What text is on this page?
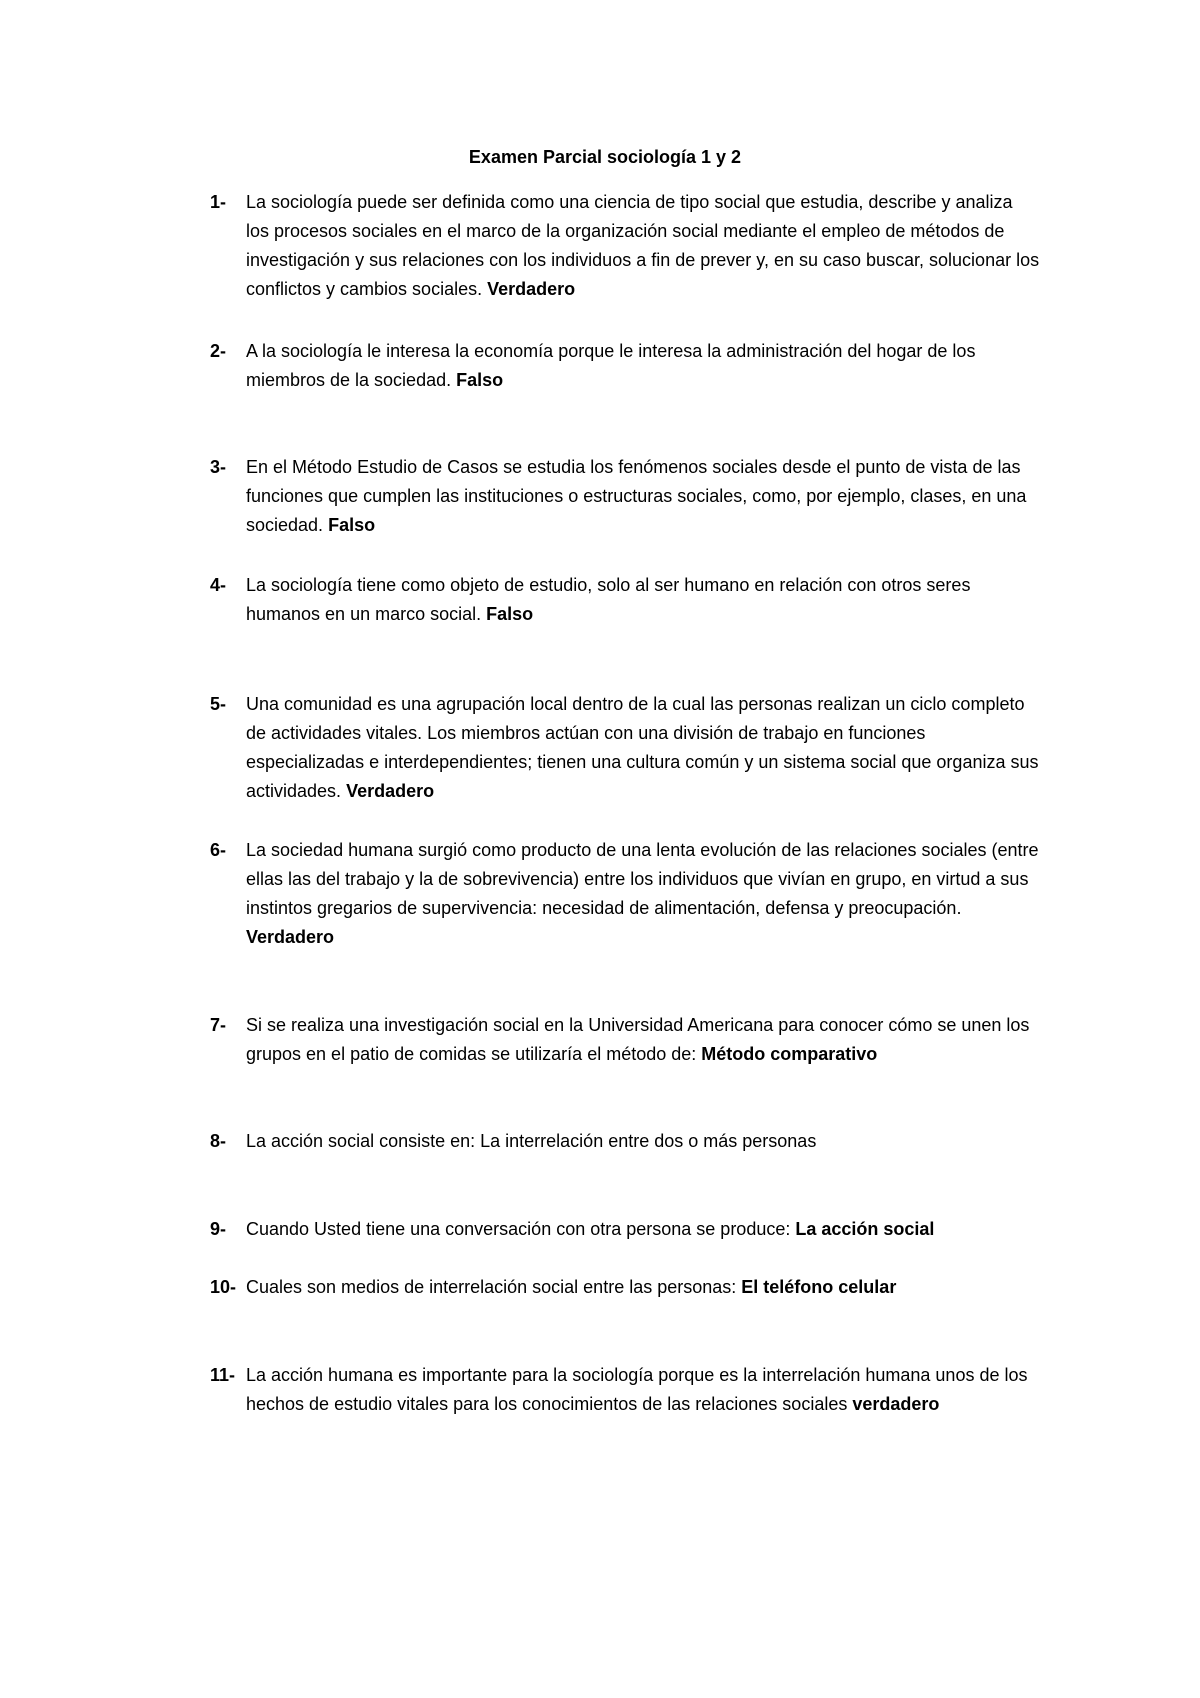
Examen Parcial sociología 1 y 2
1- La sociología puede ser definida como una ciencia de tipo social que estudia, describe y analiza los procesos sociales en el marco de la organización social mediante el empleo de métodos de investigación y sus relaciones con los individuos a fin de prever y, en su caso buscar, solucionar los conflictos y cambios sociales. Verdadero
2- A la sociología le interesa la economía porque le interesa la administración del hogar de los miembros de la sociedad. Falso
3- En el Método Estudio de Casos se estudia los fenómenos sociales desde el punto de vista de las funciones que cumplen las instituciones o estructuras sociales, como, por ejemplo, clases, en una sociedad. Falso
4- La sociología tiene como objeto de estudio, solo al ser humano en relación con otros seres humanos en un marco social. Falso
5- Una comunidad es una agrupación local dentro de la cual las personas realizan un ciclo completo de actividades vitales. Los miembros actúan con una división de trabajo en funciones especializadas e interdependientes; tienen una cultura común y un sistema social que organiza sus actividades. Verdadero
6- La sociedad humana surgió como producto de una lenta evolución de las relaciones sociales (entre ellas las del trabajo y la de sobrevivencia) entre los individuos que vivían en grupo, en virtud a sus instintos gregarios de supervivencia: necesidad de alimentación, defensa y preocupación. Verdadero
7- Si se realiza una investigación social en la Universidad Americana para conocer cómo se unen los grupos en el patio de comidas se utilizaría el método de: Método comparativo
8- La acción social consiste en: La interrelación entre dos o más personas
9- Cuando Usted tiene una conversación con otra persona se produce: La acción social
10- Cuales son medios de interrelación social entre las personas: El teléfono celular
11- La acción humana es importante para la sociología porque es la interrelación humana unos de los hechos de estudio vitales para los conocimientos de las relaciones sociales verdadero
